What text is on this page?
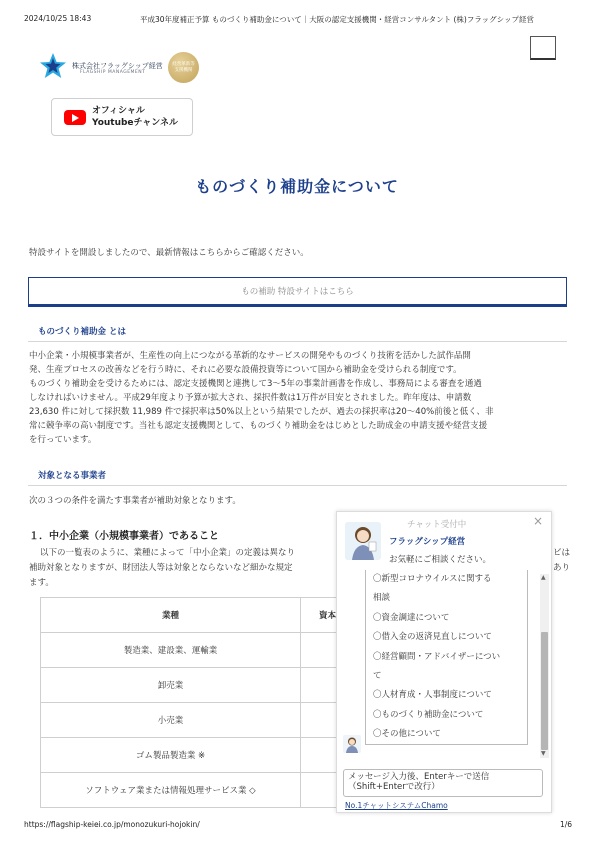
2024/10/25 18:43	平成30年度補正予算 ものづくり補助金について｜大阪の認定支援機関・経営コンサルタント (株)フラッグシップ経営
株式会社フラッグシップ経営
FLAGSHIP MANAGEMENT
経営革新等
支援機関
オフィシャル
Youtubeチャンネル
ものづくり補助金について
特設サイトを開設しましたので、最新情報はこちらからご確認ください。
もの補助 特設サイトはこちら
ものづくり補助金 とは
中小企業・小規模事業者が、生産性の向上につながる革新的なサービスの開発やものづくり技術を活かした試作品開
発、生産プロセスの改善などを行う時に、それに必要な設備投資等について国から補助金を受けられる制度です。
ものづくり補助金を受けるためには、認定支援機関と連携して3～5年の事業計画書を作成し、事務局による審査を通過
しなければいけません。平成29年度より予算が拡大され、採択件数は1万件が目安とされました。昨年度は、申請数
23,630 件に対して採択数 11,989 件で採択率は50%以上という結果でしたが、過去の採択率は20～40%前後と低く、非
常に競争率の高い制度です。当社も認定支援機関として、ものづくり補助金をはじめとした助成金の申請支援や経営支援
を行っています。
対象となる事業者
次の３つの条件を満たす事業者が補助対象となります。
１．中小企業（小規模事業者）であること
以下の一覧表のように、業種によって「中小企業」の定義は異なり	ビは
補助対象となりますが、財団法人等は対象とならないなど細かな規定	あり
ます。
業種	資本
製造業、建設業、運輸業	
卸売業	
小売業	
ゴム製品製造業 ※	
ソフトウェア業または情報処理サービス業 ◇	
チャット受付中	×
フラッグシップ経営
お気軽にご相談ください。
〇新型コロナウイルスに関する
相談
〇資金調達について
〇借入金の返済見直しについて
〇経営顧問・アドバイザーについ
て
〇人材育成・人事制度について
〇ものづくり補助金について
〇その他について
▲
▼
メッセージ入力後、Enterキーで送信
（Shift+Enterで改行）
No.1チャットシステムChamo
https://flagship-keiei.co.jp/monozukuri-hojokin/	1/6
